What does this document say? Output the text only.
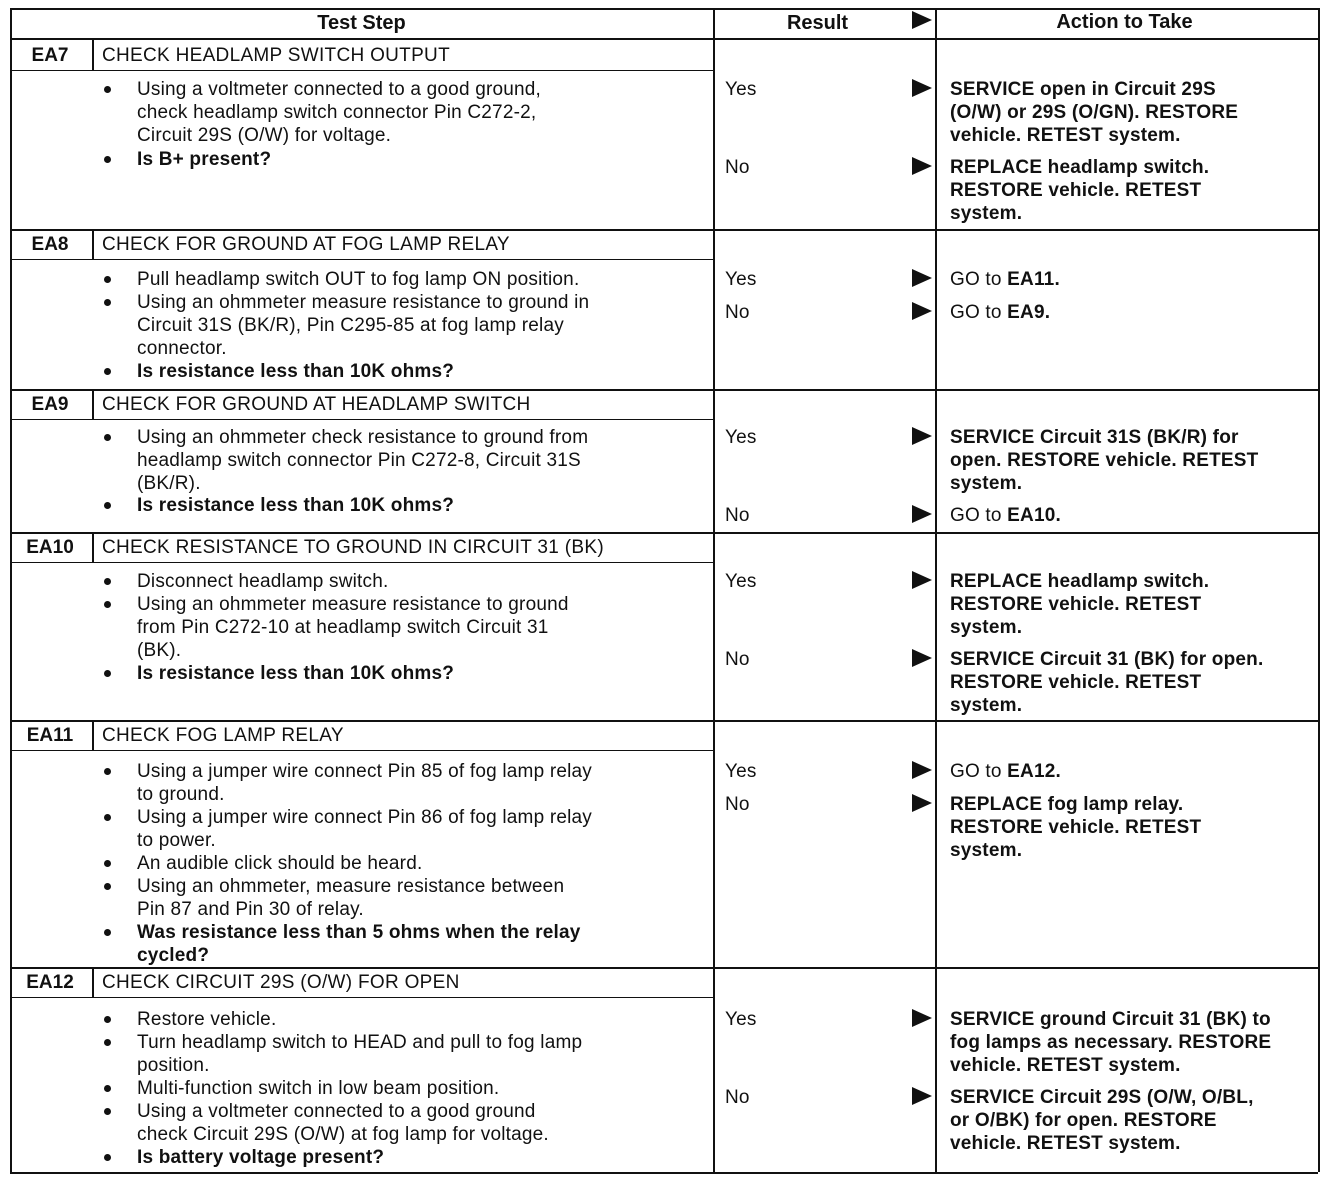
Test Step	Result	Action to Take
EA7	CHECK HEADLAMP SWITCH OUTPUT
Using a voltmeter connected to a good ground,
check headlamp switch connector Pin C272-2,
Circuit 29S (O/W) for voltage.
Is B+ present?
Yes	SERVICE open in Circuit 29S
(O/W) or 29S (O/GN). RESTORE
vehicle. RETEST system.
No	REPLACE headlamp switch.
RESTORE vehicle. RETEST
system.
EA8	CHECK FOR GROUND AT FOG LAMP RELAY
Pull headlamp switch OUT to fog lamp ON position.
Using an ohmmeter measure resistance to ground in
Circuit 31S (BK/R), Pin C295-85 at fog lamp relay
connector.
Is resistance less than 10K ohms?
Yes	GO to EA11.
No	GO to EA9.
EA9	CHECK FOR GROUND AT HEADLAMP SWITCH
Using an ohmmeter check resistance to ground from
headlamp switch connector Pin C272-8, Circuit 31S
(BK/R).
Is resistance less than 10K ohms?
Yes	SERVICE Circuit 31S (BK/R) for
open. RESTORE vehicle. RETEST
system.
No	GO to EA10.
EA10	CHECK RESISTANCE TO GROUND IN CIRCUIT 31 (BK)
Disconnect headlamp switch.
Using an ohmmeter measure resistance to ground
from Pin C272-10 at headlamp switch Circuit 31
(BK).
Is resistance less than 10K ohms?
Yes	REPLACE headlamp switch.
RESTORE vehicle. RETEST
system.
No	SERVICE Circuit 31 (BK) for open.
RESTORE vehicle. RETEST
system.
EA11	CHECK FOG LAMP RELAY
Using a jumper wire connect Pin 85 of fog lamp relay
to ground.
Using a jumper wire connect Pin 86 of fog lamp relay
to power.
An audible click should be heard.
Using an ohmmeter, measure resistance between
Pin 87 and Pin 30 of relay.
Was resistance less than 5 ohms when the relay
cycled?
Yes	GO to EA12.
No	REPLACE fog lamp relay.
RESTORE vehicle. RETEST
system.
EA12	CHECK CIRCUIT 29S (O/W) FOR OPEN
Restore vehicle.
Turn headlamp switch to HEAD and pull to fog lamp
position.
Multi-function switch in low beam position.
Using a voltmeter connected to a good ground
check Circuit 29S (O/W) at fog lamp for voltage.
Is battery voltage present?
Yes	SERVICE ground Circuit 31 (BK) to
fog lamps as necessary. RESTORE
vehicle. RETEST system.
No	SERVICE Circuit 29S (O/W, O/BL,
or O/BK) for open. RESTORE
vehicle. RETEST system.
